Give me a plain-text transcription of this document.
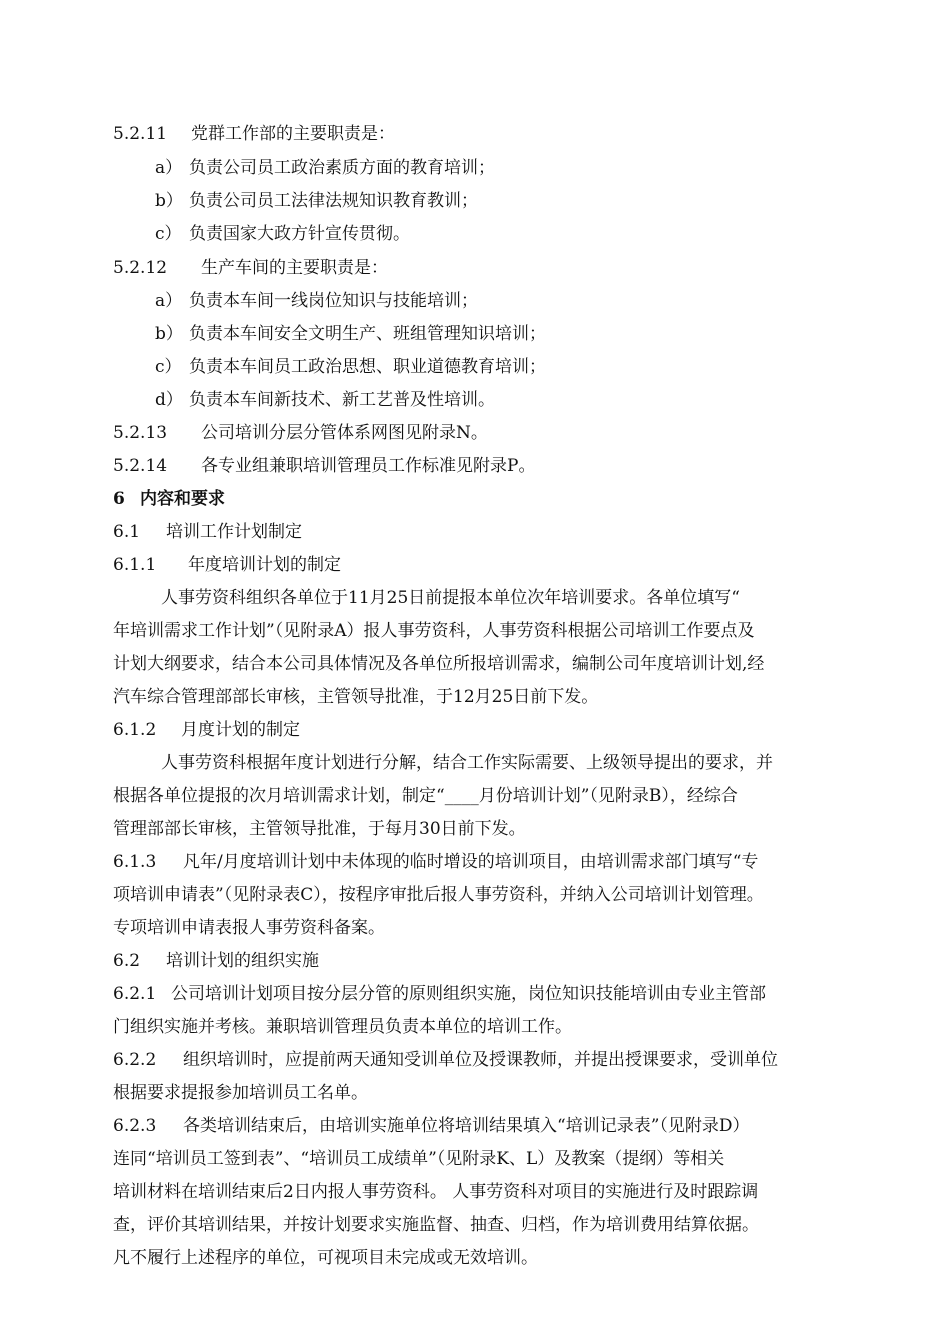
5.2.11 党群工作部的主要职责是：
a） 负责公司员工政治素质方面的教育培训；
b） 负责公司员工法律法规知识教育教训；
c） 负责国家大政方针宣传贯彻。
5.2.12 生产车间的主要职责是：
a） 负责本车间一线岗位知识与技能培训；
b） 负责本车间安全文明生产、班组管理知识培训；
c） 负责本车间员工政治思想、职业道德教育培训；
d） 负责本车间新技术、新工艺普及性培训。
5.2.13 公司培训分层分管体系网图见附录N。
5.2.14 各专业组兼职培训管理员工作标准见附录P。
6 内容和要求
6.1 培训工作计划制定
6.1.1 年度培训计划的制定
人事劳资科组织各单位于11月25日前提报本单位次年培训要求。各单位填写“
年培训需求工作计划”（见附录A）报人事劳资科，人事劳资科根据公司培训工作要点及
计划大纲要求，结合本公司具体情况及各单位所报培训需求，编制公司年度培训计划,经
汽车综合管理部部长审核，主管领导批准，于12月25日前下发。
6.1.2 月度计划的制定
人事劳资科根据年度计划进行分解，结合工作实际需要、上级领导提出的要求，并
根据各单位提报的次月培训需求计划，制定“____月份培训计划”（见附录B），经综合
管理部部长审核，主管领导批准，于每月30日前下发。
6.1.3 凡年/月度培训计划中未体现的临时增设的培训项目，由培训需求部门填写“专
项培训申请表”（见附录表C），按程序审批后报人事劳资科，并纳入公司培训计划管理。
专项培训申请表报人事劳资科备案。
6.2 培训计划的组织实施
6.2.1 公司培训计划项目按分层分管的原则组织实施，岗位知识技能培训由专业主管部
门组织实施并考核。兼职培训管理员负责本单位的培训工作。
6.2.2 组织培训时，应提前两天通知受训单位及授课教师，并提出授课要求，受训单位
根据要求提报参加培训员工名单。
6.2.3 各类培训结束后，由培训实施单位将培训结果填入“培训记录表”（见附录D）
连同“培训员工签到表”、“培训员工成绩单”（见附录K、L）及教案（提纲）等相关
培训材料在培训结束后2日内报人事劳资科。 人事劳资科对项目的实施进行及时跟踪调
查，评价其培训结果，并按计划要求实施监督、抽查、归档，作为培训费用结算依据。
凡不履行上述程序的单位，可视项目未完成或无效培训。
